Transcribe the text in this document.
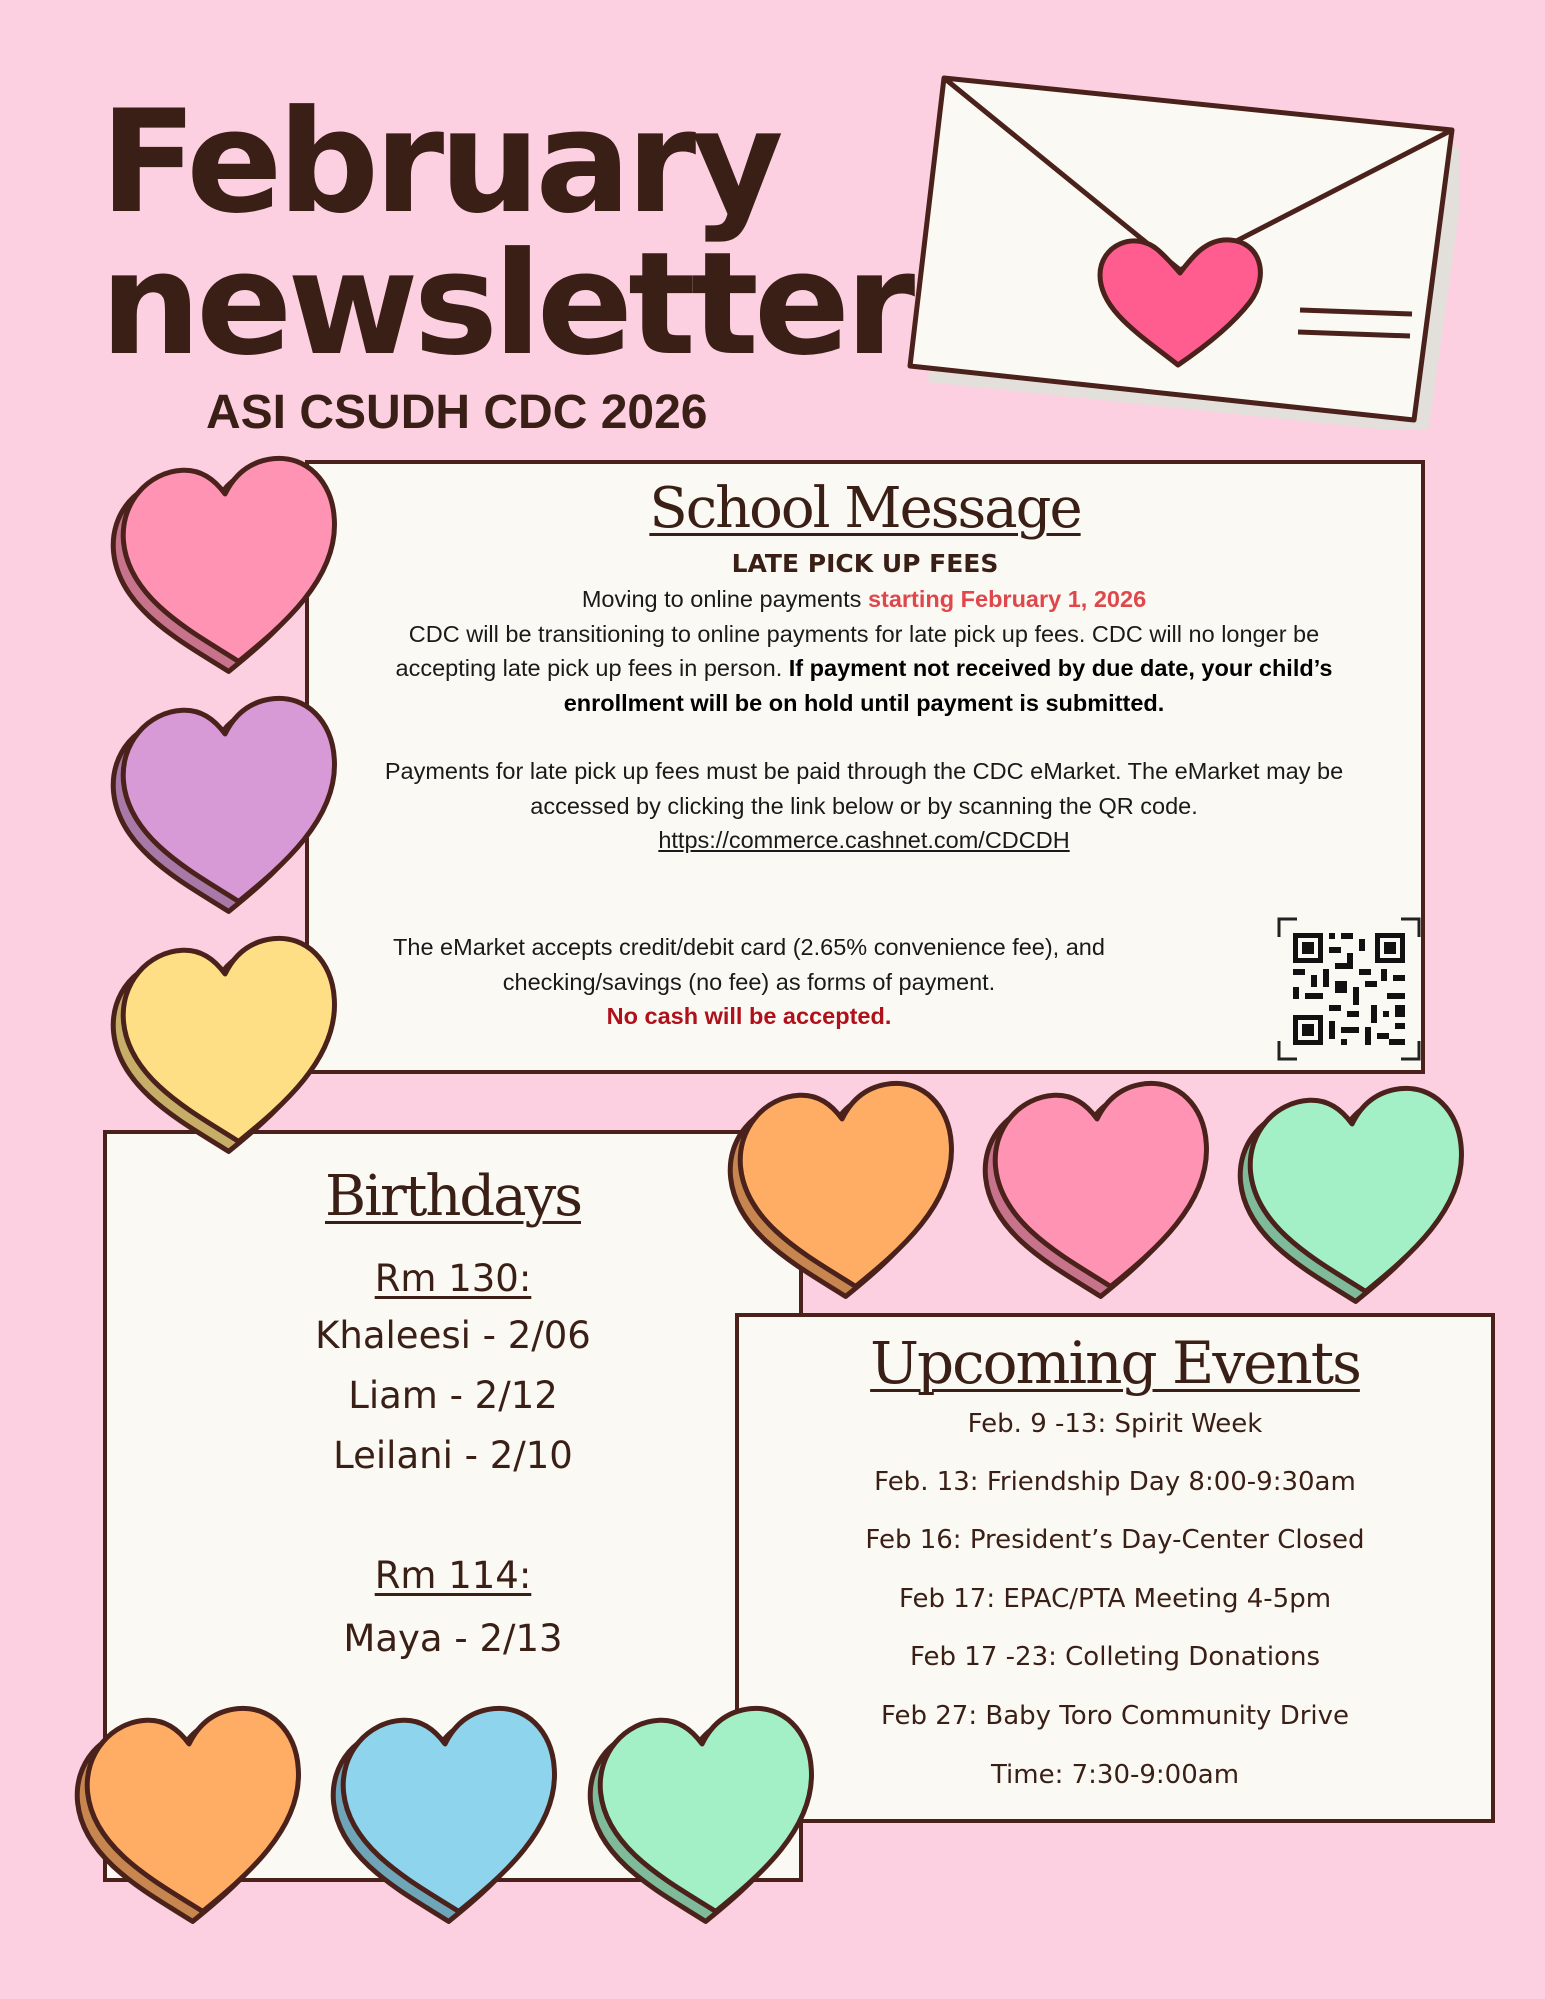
February
newsletter
ASI CSUDH CDC 2026
School Message
LATE PICK UP FEES
Moving to online payments starting February 1, 2026
CDC will be transitioning to online payments for late pick up fees. CDC will no longer be accepting late pick up fees in person. If payment not received by due date, your child’s enrollment will be on hold until payment is submitted.
Payments for late pick up fees must be paid through the CDC eMarket. The eMarket may be accessed by clicking the link below or by scanning the QR code.
https://commerce.cashnet.com/CDCDH
The eMarket accepts credit/debit card (2.65% convenience fee), and checking/savings (no fee) as forms of payment.
No cash will be accepted.
Birthdays
Rm 130:
Khaleesi - 2/06
Liam - 2/12
Leilani - 2/10
Rm 114:
Maya - 2/13
Upcoming Events
Feb. 9 -13: Spirit Week
Feb. 13: Friendship Day 8:00-9:30am
Feb 16: President’s Day-Center Closed
Feb 17: EPAC/PTA Meeting 4-5pm
Feb 17 -23: Colleting Donations
Feb 27: Baby Toro Community Drive
Time: 7:30-9:00am
